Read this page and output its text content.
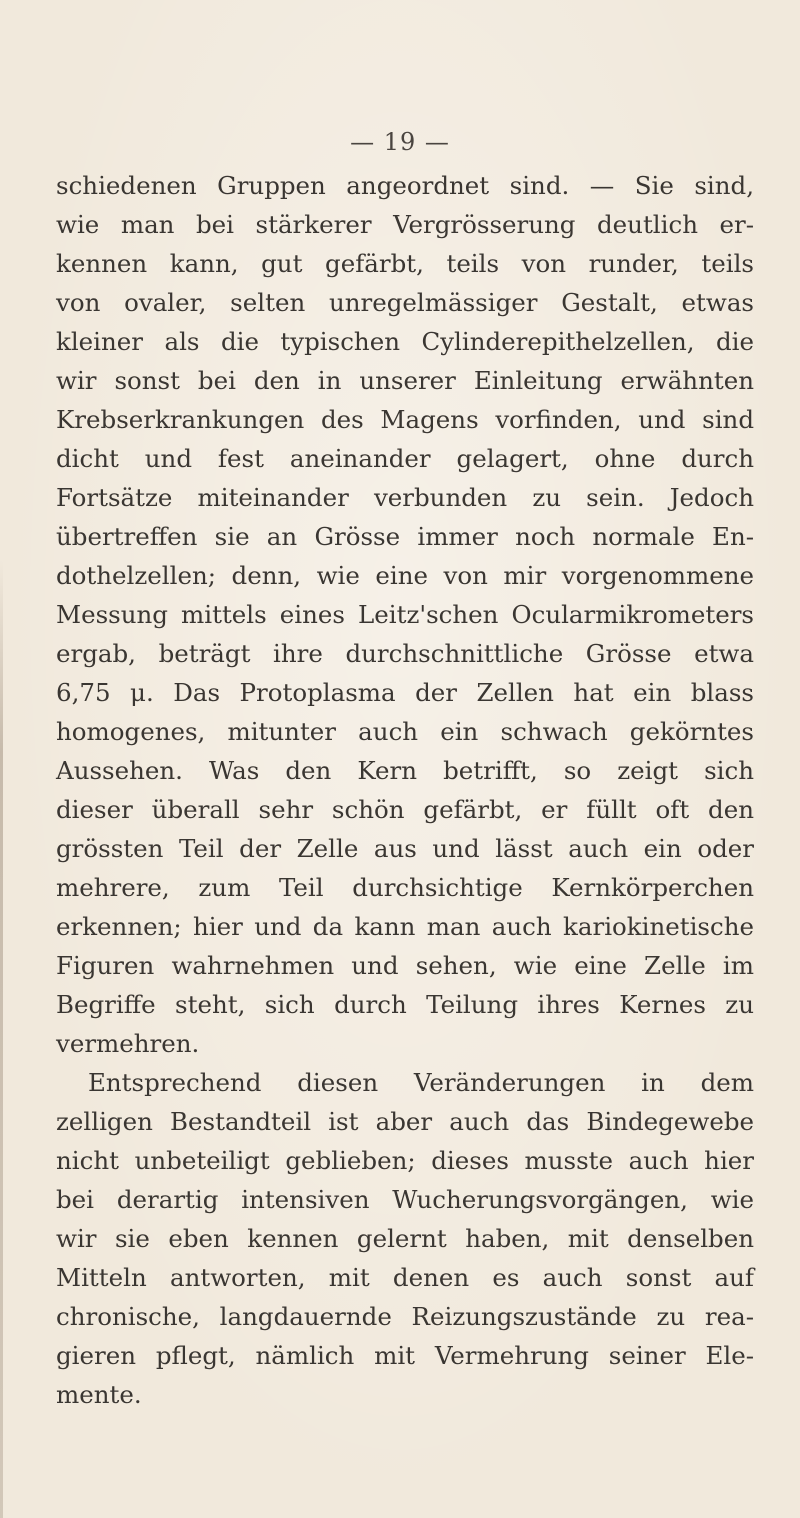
— 19 —
schiedenen Gruppen angeordnet sind. — Sie sind,
wie man bei stärkerer Vergrösserung deutlich er-
kennen kann, gut gefärbt, teils von runder, teils
von ovaler, selten unregelmässiger Gestalt, etwas
kleiner als die typischen Cylinderepithelzellen, die
wir sonst bei den in unserer Einleitung erwähnten
Krebserkrankungen des Magens vorfinden, und sind
dicht und fest aneinander gelagert, ohne durch
Fortsätze miteinander verbunden zu sein. Jedoch
übertreffen sie an Grösse immer noch normale En-
dothelzellen; denn, wie eine von mir vorgenommene
Messung mittels eines Leitz'schen Ocularmikrometers
ergab, beträgt ihre durchschnittliche Grösse etwa
6,75 μ. Das Protoplasma der Zellen hat ein blass
homogenes, mitunter auch ein schwach gekörntes
Aussehen. Was den Kern betrifft, so zeigt sich
dieser überall sehr schön gefärbt, er füllt oft den
grössten Teil der Zelle aus und lässt auch ein oder
mehrere, zum Teil durchsichtige Kernkörperchen
erkennen; hier und da kann man auch kariokinetische
Figuren wahrnehmen und sehen, wie eine Zelle im
Begriffe steht, sich durch Teilung ihres Kernes zu
vermehren.
Entsprechend diesen Veränderungen in dem
zelligen Bestandteil ist aber auch das Bindegewebe
nicht unbeteiligt geblieben; dieses musste auch hier
bei derartig intensiven Wucherungsvorgängen, wie
wir sie eben kennen gelernt haben, mit denselben
Mitteln antworten, mit denen es auch sonst auf
chronische, langdauernde Reizungszustände zu rea-
gieren pflegt, nämlich mit Vermehrung seiner Ele-
mente.
